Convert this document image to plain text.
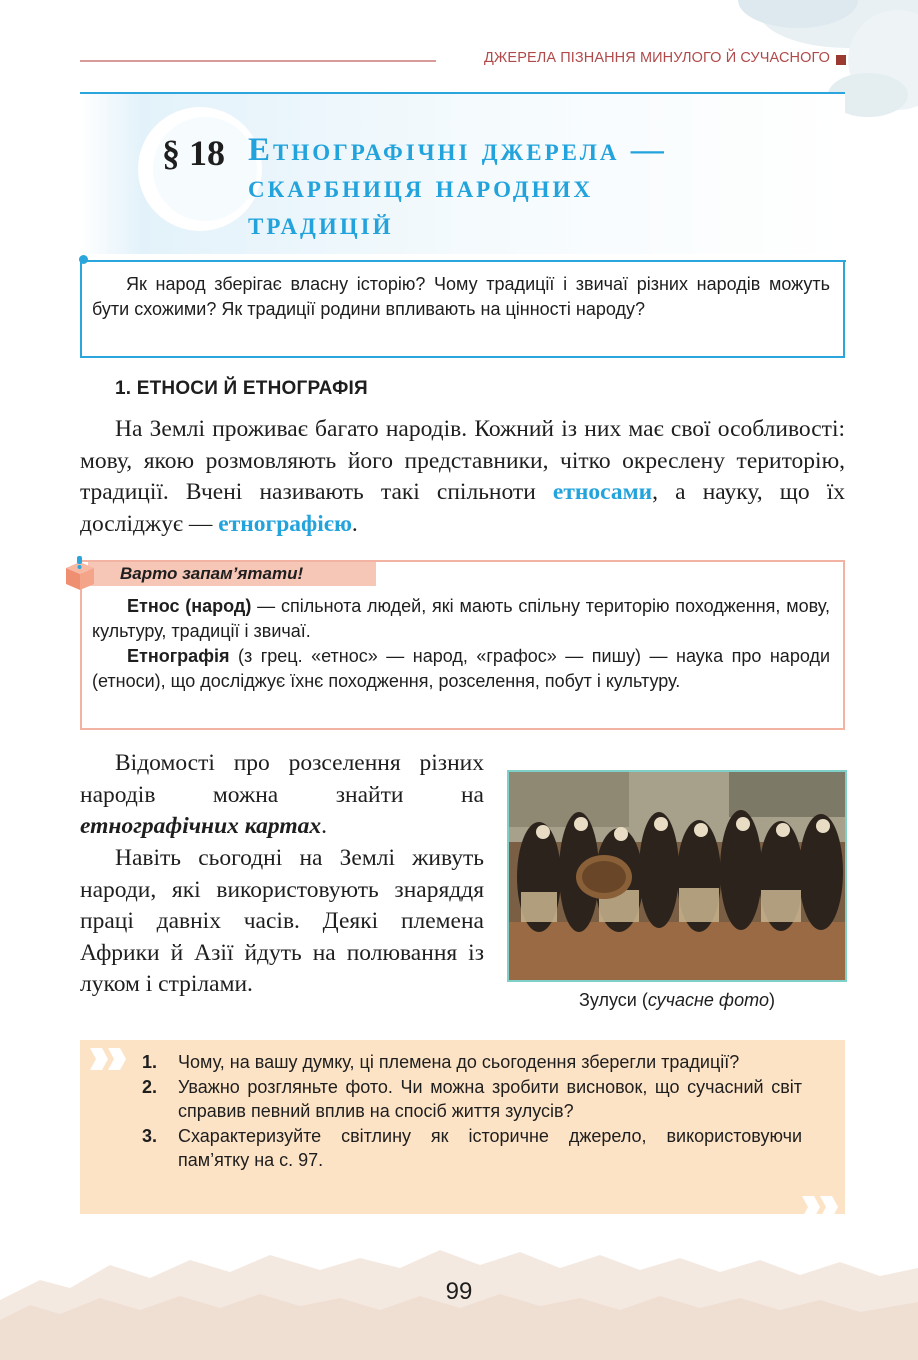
ДЖЕРЕЛА ПІЗНАННЯ МИНУЛОГО Й СУЧАСНОГО
§ 18 Етнографічні джерела —
скарбниця народних
традицій
Як народ зберігає власну історію? Чому традиції і звичаї різних народів можуть бути схожими? Як традиції родини впливають на цінності народу?
1. ЕТНОСИ Й ЕТНОГРАФІЯ
На Землі проживає багато народів. Кожний із них має свої особливості: мову, якою розмовляють його представники, чітко окреслену територію, традиції. Вчені називають такі спільноти етносами, а науку, що їх досліджує — етнографією.
Варто запам’ятати!

Етнос (народ) — спільнота людей, які мають спільну територію походження, мову, культуру, традиції і звичаї.

Етнографія (з грец. «етнос» — народ, «графос» — пишу) — наука про народи (етноси), що досліджує їхнє походження, розселення, побут і культуру.

Відомості про розселення різних народів можна знайти на етнографічних картах.
Навіть сьогодні на Землі живуть народи, які використовують знаряддя праці давніх часів. Деякі племена Африки й Азії йдуть на полювання із луком і стрілами.
Зулуси (сучасне фото)
1. Чому, на вашу думку, ці племена до сьогодення зберегли традиції?
2. Уважно розгляньте фото. Чи можна зробити висновок, що сучасний світ справив певний вплив на спосіб життя зулусів?
3. Схарактеризуйте світлину як історичне джерело, використовуючи пам’ятку на с. 97.
99
